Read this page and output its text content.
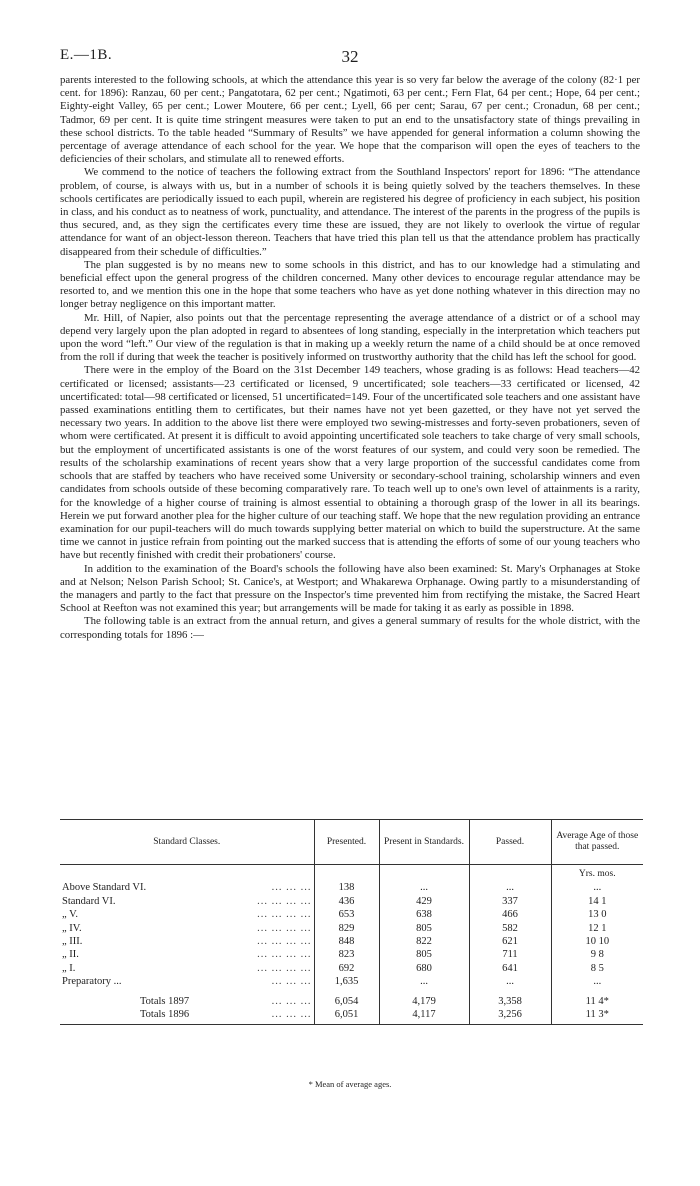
E.—1B.	32

parents interested to the following schools, at which the attendance this year is so very far below the average of the colony (82·1 per cent. for 1896): Ranzau, 60 per cent.; Pangatotara, 62 per cent.; Ngatimoti, 63 per cent.; Fern Flat, 64 per cent.; Hope, 64 per cent.; Eighty-eight Valley, 65 per cent.; Lower Moutere, 66 per cent.; Lyell, 66 per cent; Sarau, 67 per cent.; Cronadun, 68 per cent.; Tadmor, 69 per cent. It is quite time stringent measures were taken to put an end to the unsatisfactory state of things prevailing in these school districts. To the table headed “Summary of Results” we have appended for general information a column showing the percentage of average attendance of each school for the year. We hope that the comparison will open the eyes of teachers to the deficiencies of their scholars, and stimulate all to renewed efforts.

We commend to the notice of teachers the following extract from the Southland Inspectors' report for 1896: “The attendance problem, of course, is always with us, but in a number of schools it is being quietly solved by the teachers themselves. In these schools certificates are periodically issued to each pupil, wherein are registered his degree of proficiency in each subject, his position in class, and his conduct as to neatness of work, punctuality, and attendance. The interest of the parents in the progress of the pupils is thus secured, and, as they sign the certificates every time these are issued, they are not likely to overlook the virtue of regular attendance for want of an object-lesson thereon. Teachers that have tried this plan tell us that the attendance problem has practically disappeared from their schedule of difficulties.”

The plan suggested is by no means new to some schools in this district, and has to our knowledge had a stimulating and beneficial effect upon the general progress of the children concerned. Many other devices to encourage regular attendance may be resorted to, and we mention this one in the hope that some teachers who have as yet done nothing whatever in this direction may no longer betray negligence on this important matter.

Mr. Hill, of Napier, also points out that the percentage representing the average attendance of a district or of a school may depend very largely upon the plan adopted in regard to absentees of long standing, especially in the interpretation which teachers put upon the word “left.” Our view of the regulation is that in making up a weekly return the name of a child should be at once removed from the roll if during that week the teacher is positively informed on trustworthy authority that the child has left the school for good.

There were in the employ of the Board on the 31st December 149 teachers, whose grading is as follows: Head teachers—42 certificated or licensed; assistants—23 certificated or licensed, 9 uncertificated; sole teachers—33 certificated or licensed, 42 uncertificated: total—98 certificated or licensed, 51 uncertificated=149. Four of the uncertificated sole teachers and one assistant have passed examinations entitling them to certificates, but their names have not yet been gazetted, or they have not yet served the necessary two years. In addition to the above list there were employed two sewing-mistresses and forty-seven probationers, seven of whom were certificated. At present it is difficult to avoid appointing uncertificated sole teachers to take charge of very small schools, but the employment of uncertificated assistants is one of the worst features of our system, and could very soon be remedied. The results of the scholarship examinations of recent years show that a very large proportion of the successful candidates come from schools that are staffed by teachers who have received some University or secondary-school training, scholarship winners and even candidates from schools outside of these becoming comparatively rare. To teach well up to one's own level of attainments is a rarity, for the knowledge of a higher course of training is almost essential to obtaining a thorough grasp of the lower in all its bearings. Herein we put forward another plea for the higher culture of our teaching staff. We hope that the new regulation providing an entrance examination for our pupil-teachers will do much towards supplying better material on which to build the superstructure. At the same time we cannot in justice refrain from pointing out the marked success that is attending the efforts of some of our young teachers who have but recently finished with credit their probationers' course.

In addition to the examination of the Board's schools the following have also been examined: St. Mary's Orphanages at Stoke and at Nelson; Nelson Parish School; St. Canice's, at Westport; and Whakarewa Orphanage. Owing partly to a misunderstanding of the managers and partly to the fact that pressure on the Inspector's time prevented him from rectifying the mistake, the Sacred Heart School at Reefton was not examined this year; but arrangements will be made for taking it as early as possible in 1898.

The following table is an extract from the annual return, and gives a general summary of results for the whole district, with the corresponding totals for 1896 :—

Standard Classes.	Presented.	Present in Standards.	Passed.	Average Age of those that passed.
				Yrs. mos.

Above Standard VI. ... ... ...	138	...	...	...

Standard VI. ... ... ... ...	436	429	337	14 1

„ V. ... ... ... ...	653	638	466	13 0

„ IV. ... ... ... ...	829	805	582	12 1

„ III. ... ... ... ...	848	822	621	10 10

„ II. ... ... ... ...	823	805	711	9 8

„ I. ... ... ... ...	692	680	641	8 5

Preparatory ... ... ... ...	1,635	...	...	...

Totals 1897 ... ... ...	6,054	4,179	3,358	11 4*

Totals 1896 ... ... ...	6,051	4,117	3,256	11 3*
* Mean of average ages.
